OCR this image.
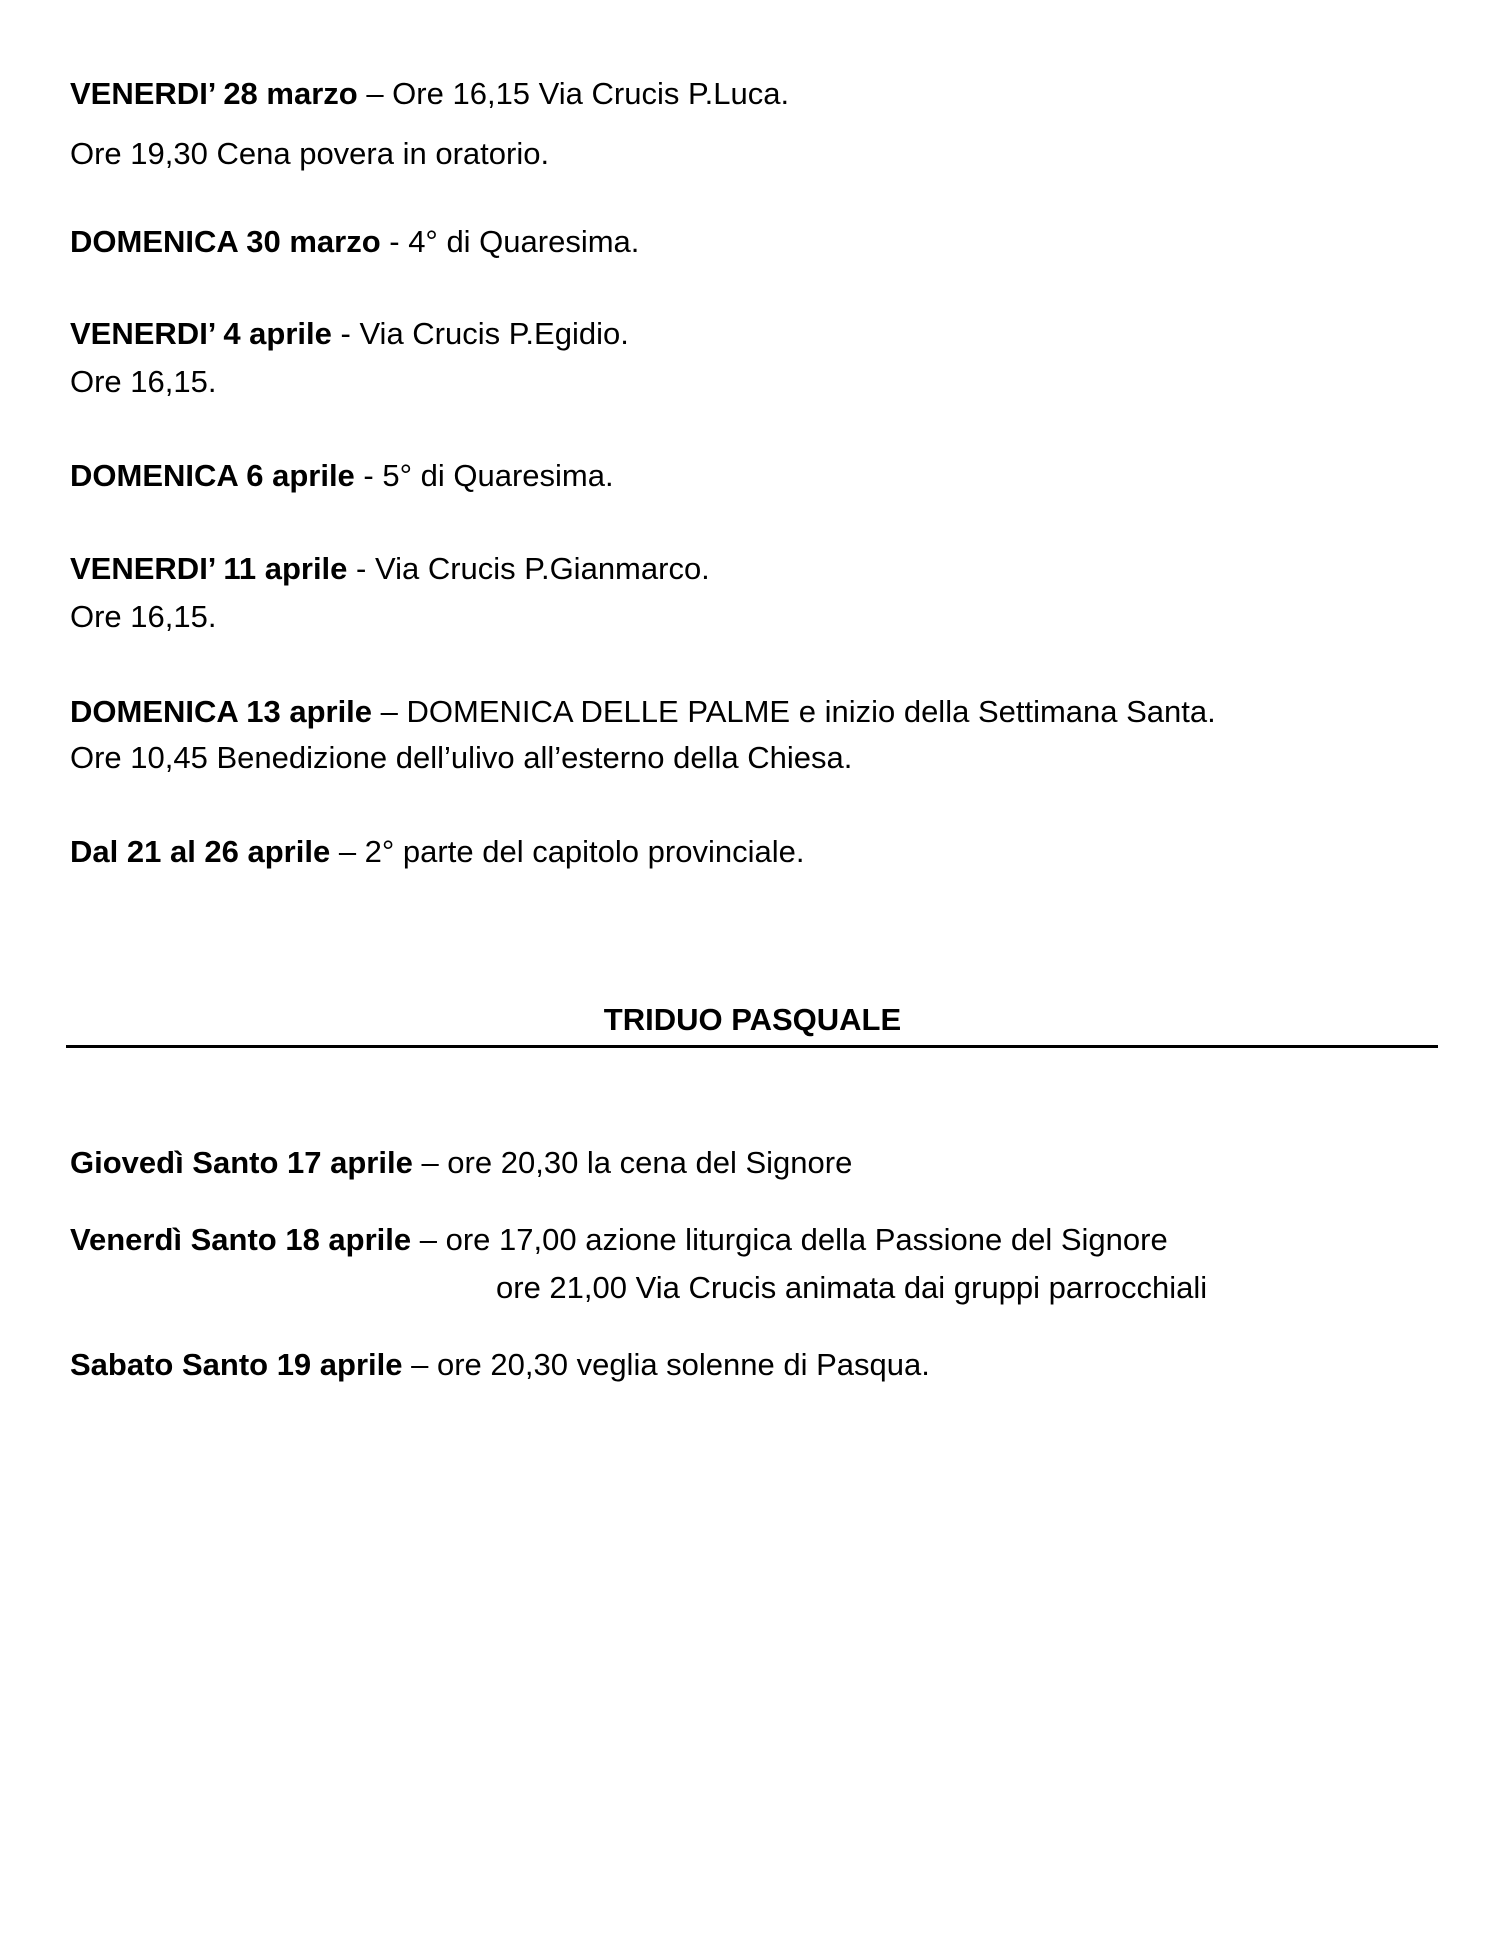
VENERDI’ 28 marzo – Ore 16,15 Via Crucis P.Luca.
Ore 19,30 Cena povera in oratorio.
DOMENICA 30 marzo - 4° di Quaresima.
VENERDI’ 4 aprile - Via Crucis P.Egidio.
Ore 16,15.
DOMENICA 6 aprile - 5° di Quaresima.
VENERDI’ 11 aprile - Via Crucis P.Gianmarco.
Ore 16,15.
DOMENICA 13 aprile – DOMENICA DELLE PALME e inizio della Settimana Santa.
Ore 10,45 Benedizione dell’ulivo all’esterno della Chiesa.
Dal 21 al 26 aprile – 2° parte del capitolo provinciale.
TRIDUO PASQUALE
Giovedì Santo 17 aprile – ore 20,30 la cena del Signore
Venerdì Santo 18 aprile – ore 17,00 azione liturgica della Passione del Signore
ore 21,00 Via Crucis animata dai gruppi parrocchiali
Sabato Santo 19 aprile – ore 20,30 veglia solenne di Pasqua.
